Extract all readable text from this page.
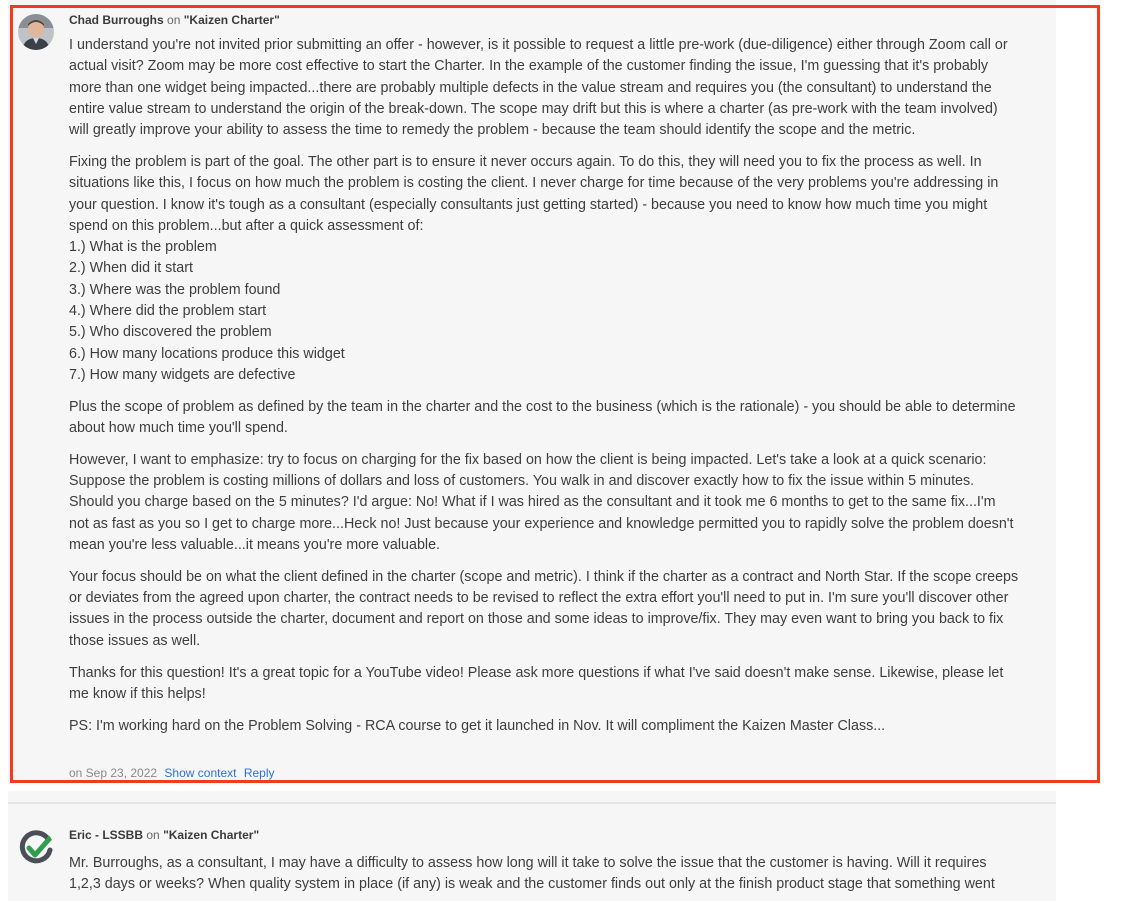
Chad Burroughs on "Kaizen Charter"

I understand you're not invited prior submitting an offer - however, is it possible to request a little pre-work (due-diligence) either through Zoom call or actual visit? Zoom may be more cost effective to start the Charter. In the example of the customer finding the issue, I'm guessing that it's probably more than one widget being impacted...there are probably multiple defects in the value stream and requires you (the consultant) to understand the entire value stream to understand the origin of the break-down. The scope may drift but this is where a charter (as pre-work with the team involved) will greatly improve your ability to assess the time to remedy the problem - because the team should identify the scope and the metric.

Fixing the problem is part of the goal. The other part is to ensure it never occurs again. To do this, they will need you to fix the process as well. In situations like this, I focus on how much the problem is costing the client. I never charge for time because of the very problems you're addressing in your question. I know it's tough as a consultant (especially consultants just getting started) - because you need to know how much time you might spend on this problem...but after a quick assessment of:

1.) What is the problem
2.) When did it start
3.) Where was the problem found
4.) Where did the problem start
5.) Who discovered the problem
6.) How many locations produce this widget
7.) How many widgets are defective

Plus the scope of problem as defined by the team in the charter and the cost to the business (which is the rationale) - you should be able to determine about how much time you'll spend.

However, I want to emphasize: try to focus on charging for the fix based on how the client is being impacted. Let's take a look at a quick scenario: Suppose the problem is costing millions of dollars and loss of customers. You walk in and discover exactly how to fix the issue within 5 minutes. Should you charge based on the 5 minutes? I'd argue: No! What if I was hired as the consultant and it took me 6 months to get to the same fix...I'm not as fast as you so I get to charge more...Heck no! Just because your experience and knowledge permitted you to rapidly solve the problem doesn't mean you're less valuable...it means you're more valuable.

Your focus should be on what the client defined in the charter (scope and metric). I think if the charter as a contract and North Star. If the scope creeps or deviates from the agreed upon charter, the contract needs to be revised to reflect the extra effort you'll need to put in. I'm sure you'll discover other issues in the process outside the charter, document and report on those and some ideas to improve/fix. They may even want to bring you back to fix those issues as well.

Thanks for this question! It's a great topic for a YouTube video! Please ask more questions if what I've said doesn't make sense. Likewise, please let me know if this helps!

PS: I'm working hard on the Problem Solving - RCA course to get it launched in Nov. It will compliment the Kaizen Master Class...

on Sep 23, 2022 Show context Reply
Eric - LSSBB on "Kaizen Charter"

Mr. Burroughs, as a consultant, I may have a difficulty to assess how long will it take to solve the issue that the customer is having. Will it requires 1,2,3 days or weeks? When quality system in place (if any) is weak and the customer finds out only at the finish product stage that something went
